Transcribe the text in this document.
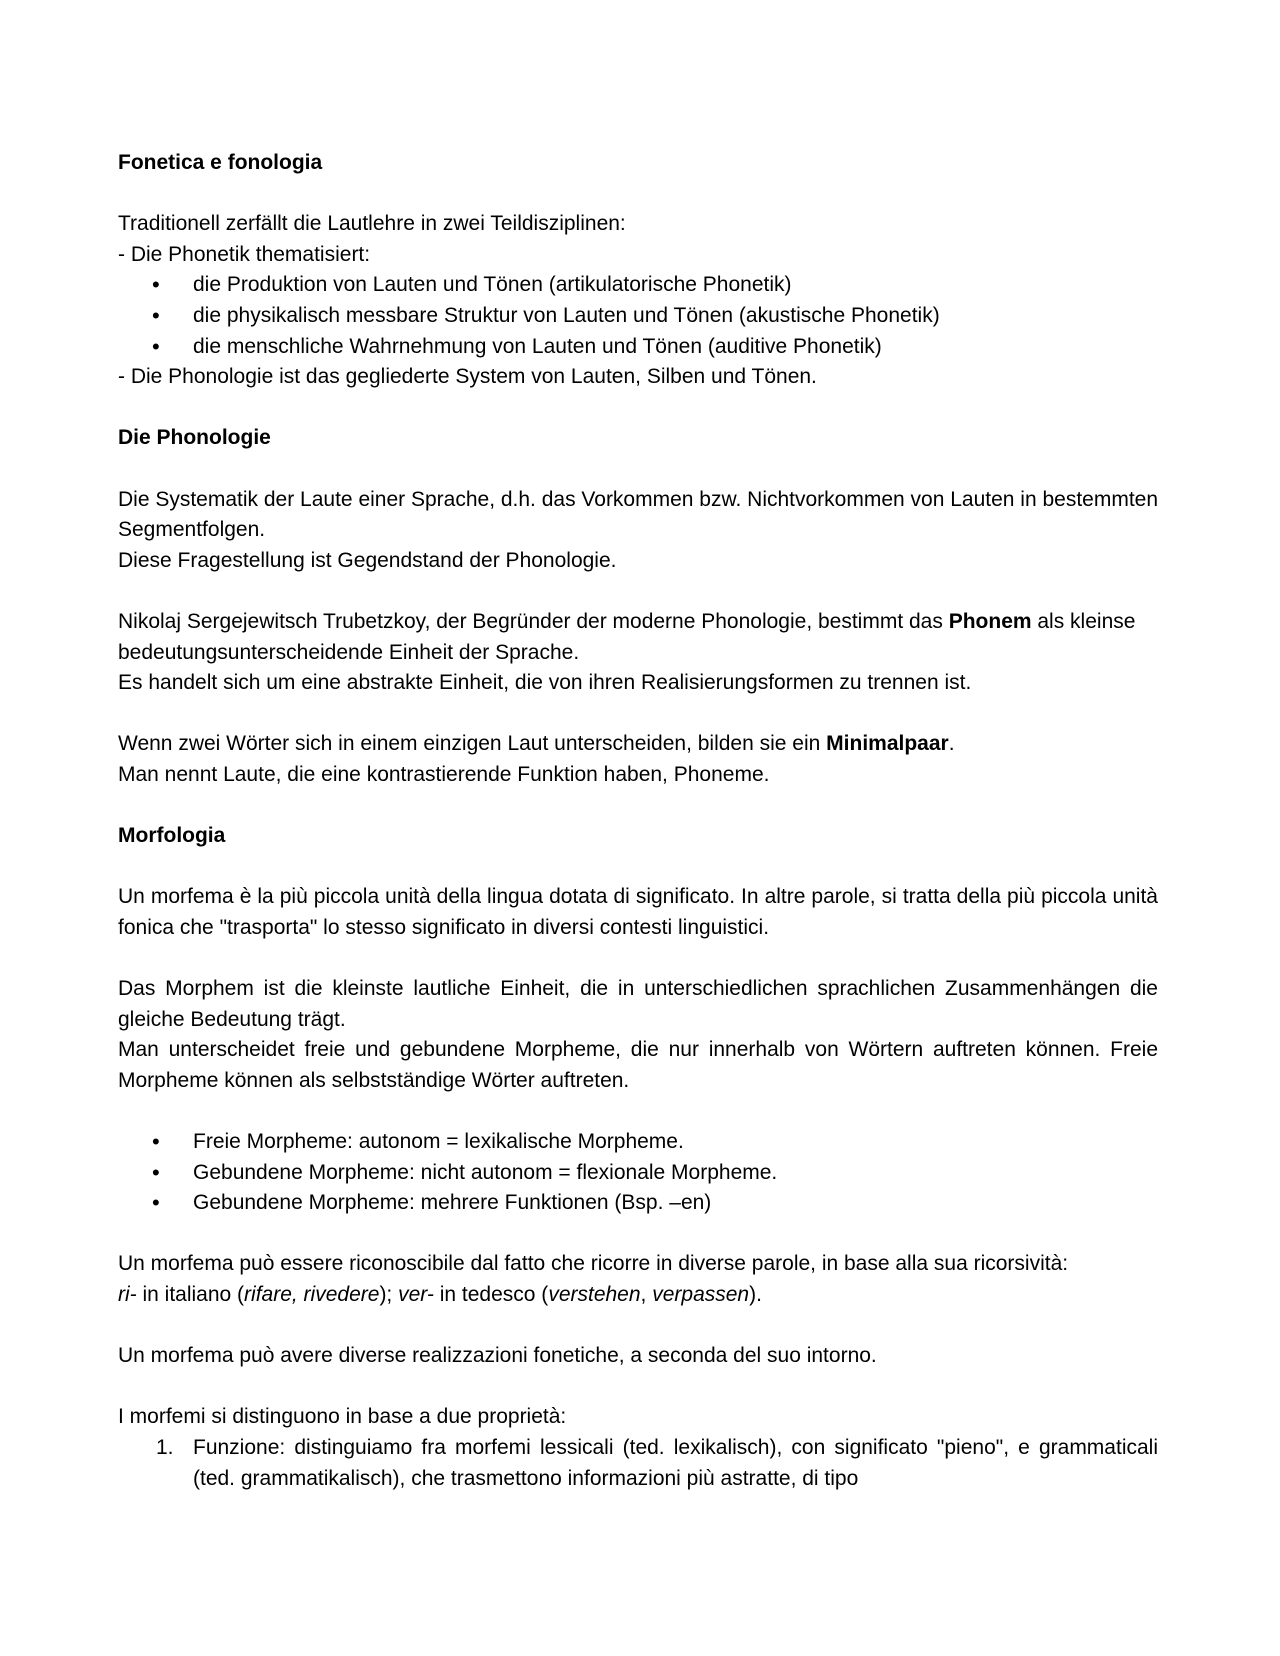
Fonetica e fonologia

Traditionell zerfällt die Lautlehre in zwei Teildisziplinen:

- Die Phonetik thematisiert:

• die Produktion von Lauten und Tönen (artikulatorische Phonetik)
• die physikalisch messbare Struktur von Lauten und Tönen (akustische Phonetik)
• die menschliche Wahrnehmung von Lauten und Tönen (auditive Phonetik)

- Die Phonologie ist das gegliederte System von Lauten, Silben und Tönen.

Die Phonologie

Die Systematik der Laute einer Sprache, d.h. das Vorkommen bzw. Nichtvorkommen von Lauten in bestemmten Segmentfolgen.

Diese Fragestellung ist Gegendstand der Phonologie.

Nikolaj Sergejewitsch Trubetzkoy, der Begründer der moderne Phonologie, bestimmt das Phonem als kleinse bedeutungsunterscheidende Einheit der Sprache.

Es handelt sich um eine abstrakte Einheit, die von ihren Realisierungsformen zu trennen ist.

Wenn zwei Wörter sich in einem einzigen Laut unterscheiden, bilden sie ein Minimalpaar.

Man nennt Laute, die eine kontrastierende Funktion haben, Phoneme.

Morfologia

Un morfema è la più piccola unità della lingua dotata di significato. In altre parole, si tratta della più piccola unità fonica che "trasporta" lo stesso significato in diversi contesti linguistici.

Das Morphem ist die kleinste lautliche Einheit, die in unterschiedlichen sprachlichen Zusammenhängen die gleiche Bedeutung trägt.

Man unterscheidet freie und gebundene Morpheme, die nur innerhalb von Wörtern auftreten können. Freie Morpheme können als selbstständige Wörter auftreten.

• Freie Morpheme: autonom = lexikalische Morpheme.
• Gebundene Morpheme: nicht autonom = flexionale Morpheme.
• Gebundene Morpheme: mehrere Funktionen (Bsp. –en)

Un morfema può essere riconoscibile dal fatto che ricorre in diverse parole, in base alla sua ricorsività:

ri- in italiano (rifare, rivedere); ver- in tedesco (verstehen, verpassen).

Un morfema può avere diverse realizzazioni fonetiche, a seconda del suo intorno.

I morfemi si distinguono in base a due proprietà:

1. Funzione: distinguiamo fra morfemi lessicali (ted. lexikalisch), con significato "pieno", e grammaticali (ted. grammatikalisch), che trasmettono informazioni più astratte, di tipo
